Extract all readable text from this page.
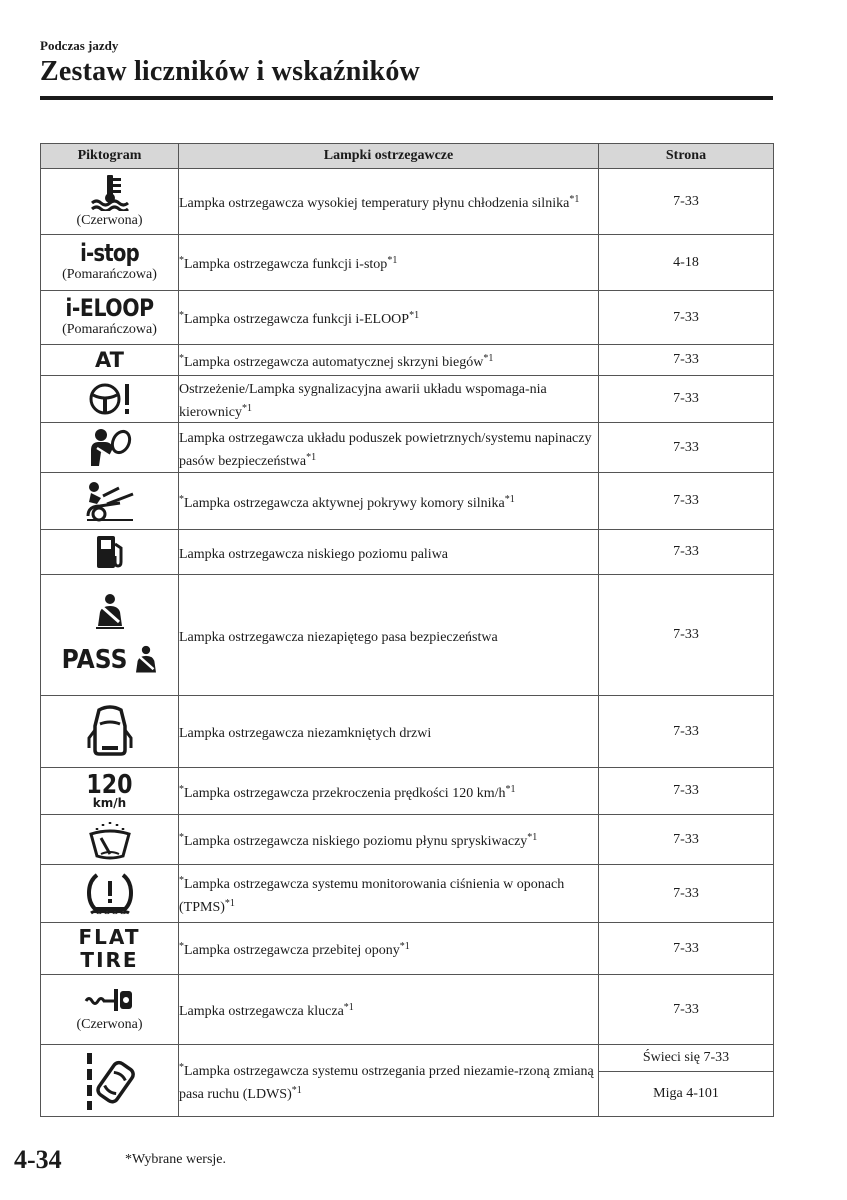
Podczas jazdy
Zestaw liczników i wskaźników
Piktogram	Lampki ostrzegawcze	Strona

(Czerwona)	Lampka ostrzegawcza wysokiej temperatury płynu chłodzenia silnika$^{*1}$	7-33

i-stop
(Pomarańczowa)	*Lampka ostrzegawcza funkcji i-stop$^{*1}$	4-18

i-ELOOP
(Pomarańczowa)	*Lampka ostrzegawcza funkcji i-ELOOP$^{*1}$	7-33

AT	*Lampka ostrzegawcza automatycznej skrzyni biegów$^{*1}$	7-33

	Ostrzeżenie/Lampka sygnalizacyjna awarii układu wspomaga-nia kierownicy$^{*1}$	7-33

	Lampka ostrzegawcza układu poduszek powietrznych/systemu napinaczy pasów bezpieczeństwa$^{*1}$	7-33

	*Lampka ostrzegawcza aktywnej pokrywy komory silnika$^{*1}$	7-33

	Lampka ostrzegawcza niskiego poziomu paliwa	7-33

PASS	Lampka ostrzegawcza niezapiętego pasa bezpieczeństwa	7-33

	Lampka ostrzegawcza niezamkniętych drzwi	7-33

120
km/h	*Lampka ostrzegawcza przekroczenia prędkości 120 $km/h^{*1}$	7-33

	*Lampka ostrzegawcza niskiego poziomu płynu spryskiwaczy$^{*1}$	7-33

	*Lampka ostrzegawcza systemu monitorowania ciśnienia w oponach (TPMS)$^{*1}$	7-33

FLAT
TIRE	*Lampka ostrzegawcza przebitej opony$^{*1}$	7-33

(Czerwona)	Lampka ostrzegawcza klucza$^{*1}$	7-33

	*Lampka ostrzegawcza systemu ostrzegania przed niezamie-rzoną zmianą pasa ruchu (LDWS)$^{*1}$	Świeci się 7-33
Miga 4-101
4-34	*Wybrane wersje.
